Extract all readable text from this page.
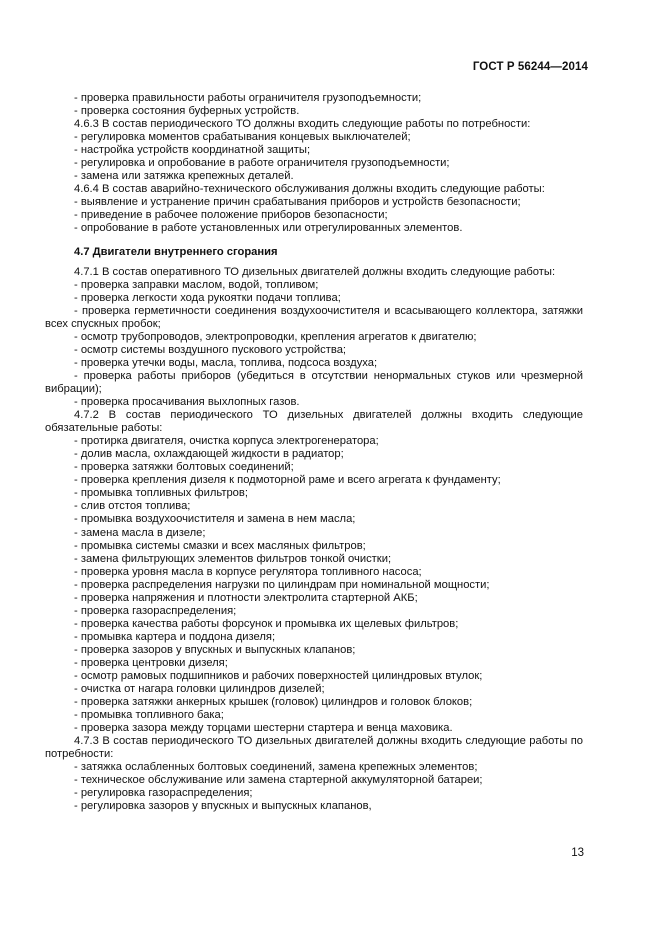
ГОСТ Р 56244—2014
- проверка правильности работы ограничителя грузоподъемности;
- проверка состояния буферных устройств.
4.6.3 В состав периодического ТО должны входить следующие работы по потребности:
- регулировка моментов срабатывания концевых выключателей;
- настройка устройств координатной защиты;
- регулировка и опробование в работе ограничителя грузоподъемности;
- замена или затяжка крепежных деталей.
4.6.4 В состав аварийно-технического обслуживания должны входить следующие работы:
- выявление и устранение причин срабатывания приборов и устройств безопасности;
- приведение в рабочее положение приборов безопасности;
- опробование в работе установленных или отрегулированных элементов.
4.7 Двигатели внутреннего сгорания
4.7.1 В состав оперативного ТО дизельных двигателей должны входить следующие работы:
- проверка заправки маслом, водой, топливом;
- проверка легкости хода рукоятки подачи топлива;
- проверка герметичности соединения воздухоочистителя и всасывающего коллектора, затяжки всех спускных пробок;
- осмотр трубопроводов, электропроводки, крепления агрегатов к двигателю;
- осмотр системы воздушного пускового устройства;
- проверка утечки воды, масла, топлива, подсоса воздуха;
- проверка работы приборов (убедиться в отсутствии ненормальных стуков или чрезмерной вибрации);
- проверка просачивания выхлопных газов.
4.7.2 В состав периодического ТО дизельных двигателей должны входить следующие обязательные работы:
- протирка двигателя, очистка корпуса электрогенератора;
- долив масла, охлаждающей жидкости в радиатор;
- проверка затяжки болтовых соединений;
- проверка крепления дизеля к подмоторной раме и всего агрегата к фундаменту;
- промывка топливных фильтров;
- слив отстоя топлива;
- промывка воздухоочистителя и замена в нем масла;
- замена масла в дизеле;
- промывка системы смазки и всех масляных фильтров;
- замена фильтрующих элементов фильтров тонкой очистки;
- проверка уровня масла в корпусе регулятора топливного насоса;
- проверка распределения нагрузки по цилиндрам при номинальной мощности;
- проверка напряжения и плотности электролита стартерной АКБ;
- проверка газораспределения;
- проверка качества работы форсунок и промывка их щелевых фильтров;
- промывка картера и поддона дизеля;
- проверка зазоров у впускных и выпускных клапанов;
- проверка центровки дизеля;
- осмотр рамовых подшипников и рабочих поверхностей цилиндровых втулок;
- очистка от нагара головки цилиндров дизелей;
- проверка затяжки анкерных крышек (головок) цилиндров и головок блоков;
- промывка топливного бака;
- проверка зазора между торцами шестерни стартера и венца маховика.
4.7.3 В состав периодического ТО дизельных двигателей должны входить следующие работы по потребности:
- затяжка ослабленных болтовых соединений, замена крепежных элементов;
- техническое обслуживание или замена стартерной аккумуляторной батареи;
- регулировка газораспределения;
- регулировка зазоров у впускных и выпускных клапанов,
13
